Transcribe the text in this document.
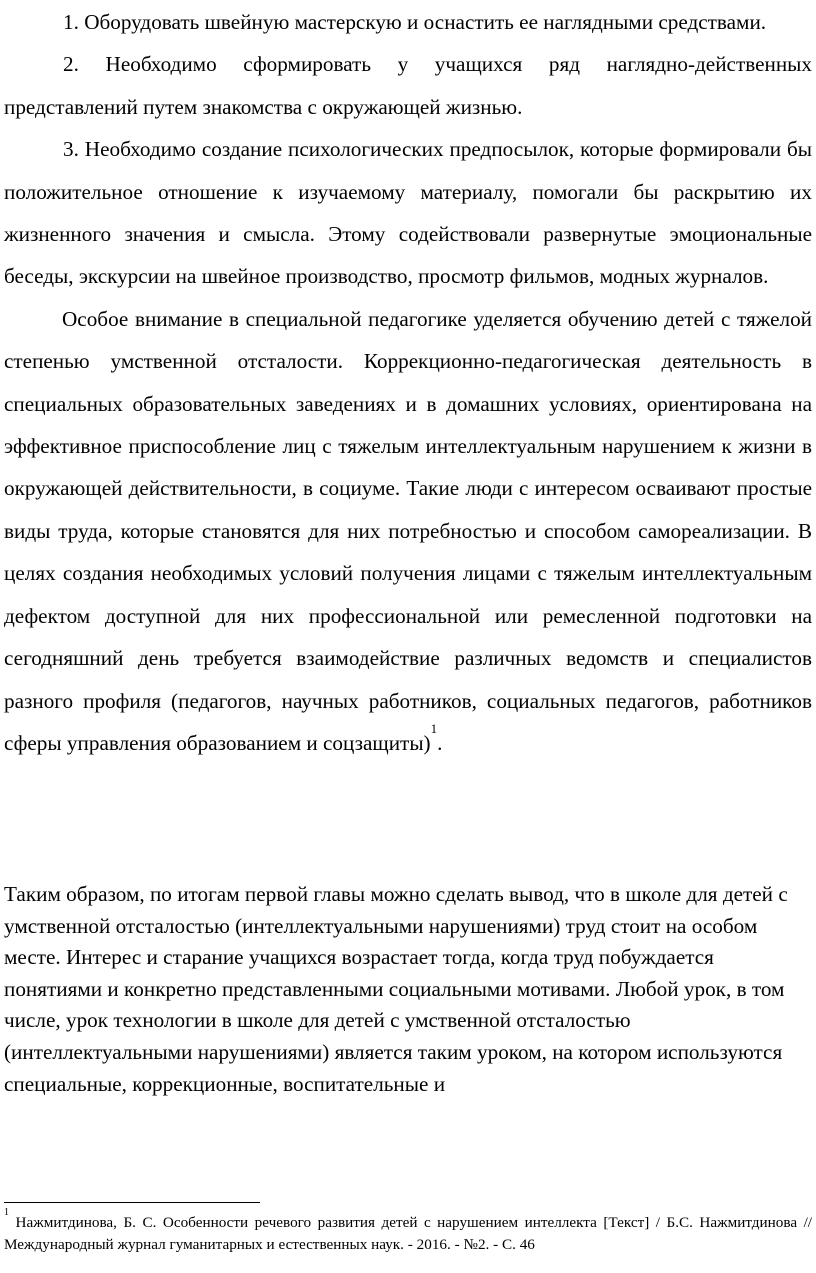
1. Оборудовать швейную мастерскую и оснастить ее наглядными средствами.

2. Необходимо сформировать у учащихся ряд наглядно-действенных представлений путем знакомства с окружающей жизнью.

3. Необходимо создание психологических предпосылок, которые формировали бы положительное отношение к изучаемому материалу, помогали бы раскрытию их жизненного значения и смысла. Этому содействовали развернутые эмоциональные беседы, экскурсии на швейное производство, просмотр фильмов, модных журналов.

Особое внимание в специальной педагогике уделяется обучению детей с тяжелой степенью умственной отсталости. Коррекционно-педагогическая деятельность в специальных образовательных заведениях и в домашних условиях, ориентирована на эффективное приспособление лиц с тяжелым интеллектуальным нарушением к жизни в окружающей действительности, в социуме. Такие люди с интересом осваивают простые виды труда, которые становятся для них потребностью и способом самореализации. В целях создания необходимых условий получения лицами с тяжелым интеллектуальным дефектом доступной для них профессиональной или ремесленной подготовки на сегодняшний день требуется взаимодействие различных ведомств и специалистов разного профиля (педагогов, научных работников, социальных педагогов, работников сферы управления образованием и соцзащиты)$^1$.

Таким образом, по итогам первой главы можно сделать вывод, что в школе для детей с умственной отсталостью (интеллектуальными нарушениями) труд стоит на особом месте. Интерес и старание учащихся возрастает тогда, когда труд побуждается понятиями и конкретно представленными социальными мотивами. Любой урок, в том числе, урок технологии в школе для детей с умственной отсталостью (интеллектуальными нарушениями) является таким уроком, на котором используются специальные, коррекционные, воспитательные и

$^1$ Нажмитдинова, Б. С. Особенности речевого развития детей с нарушением интеллекта [Текст] / Б.С. Нажмитдинова // Международный журнал гуманитарных и естественных наук. - 2016. - №2. - С. 46
